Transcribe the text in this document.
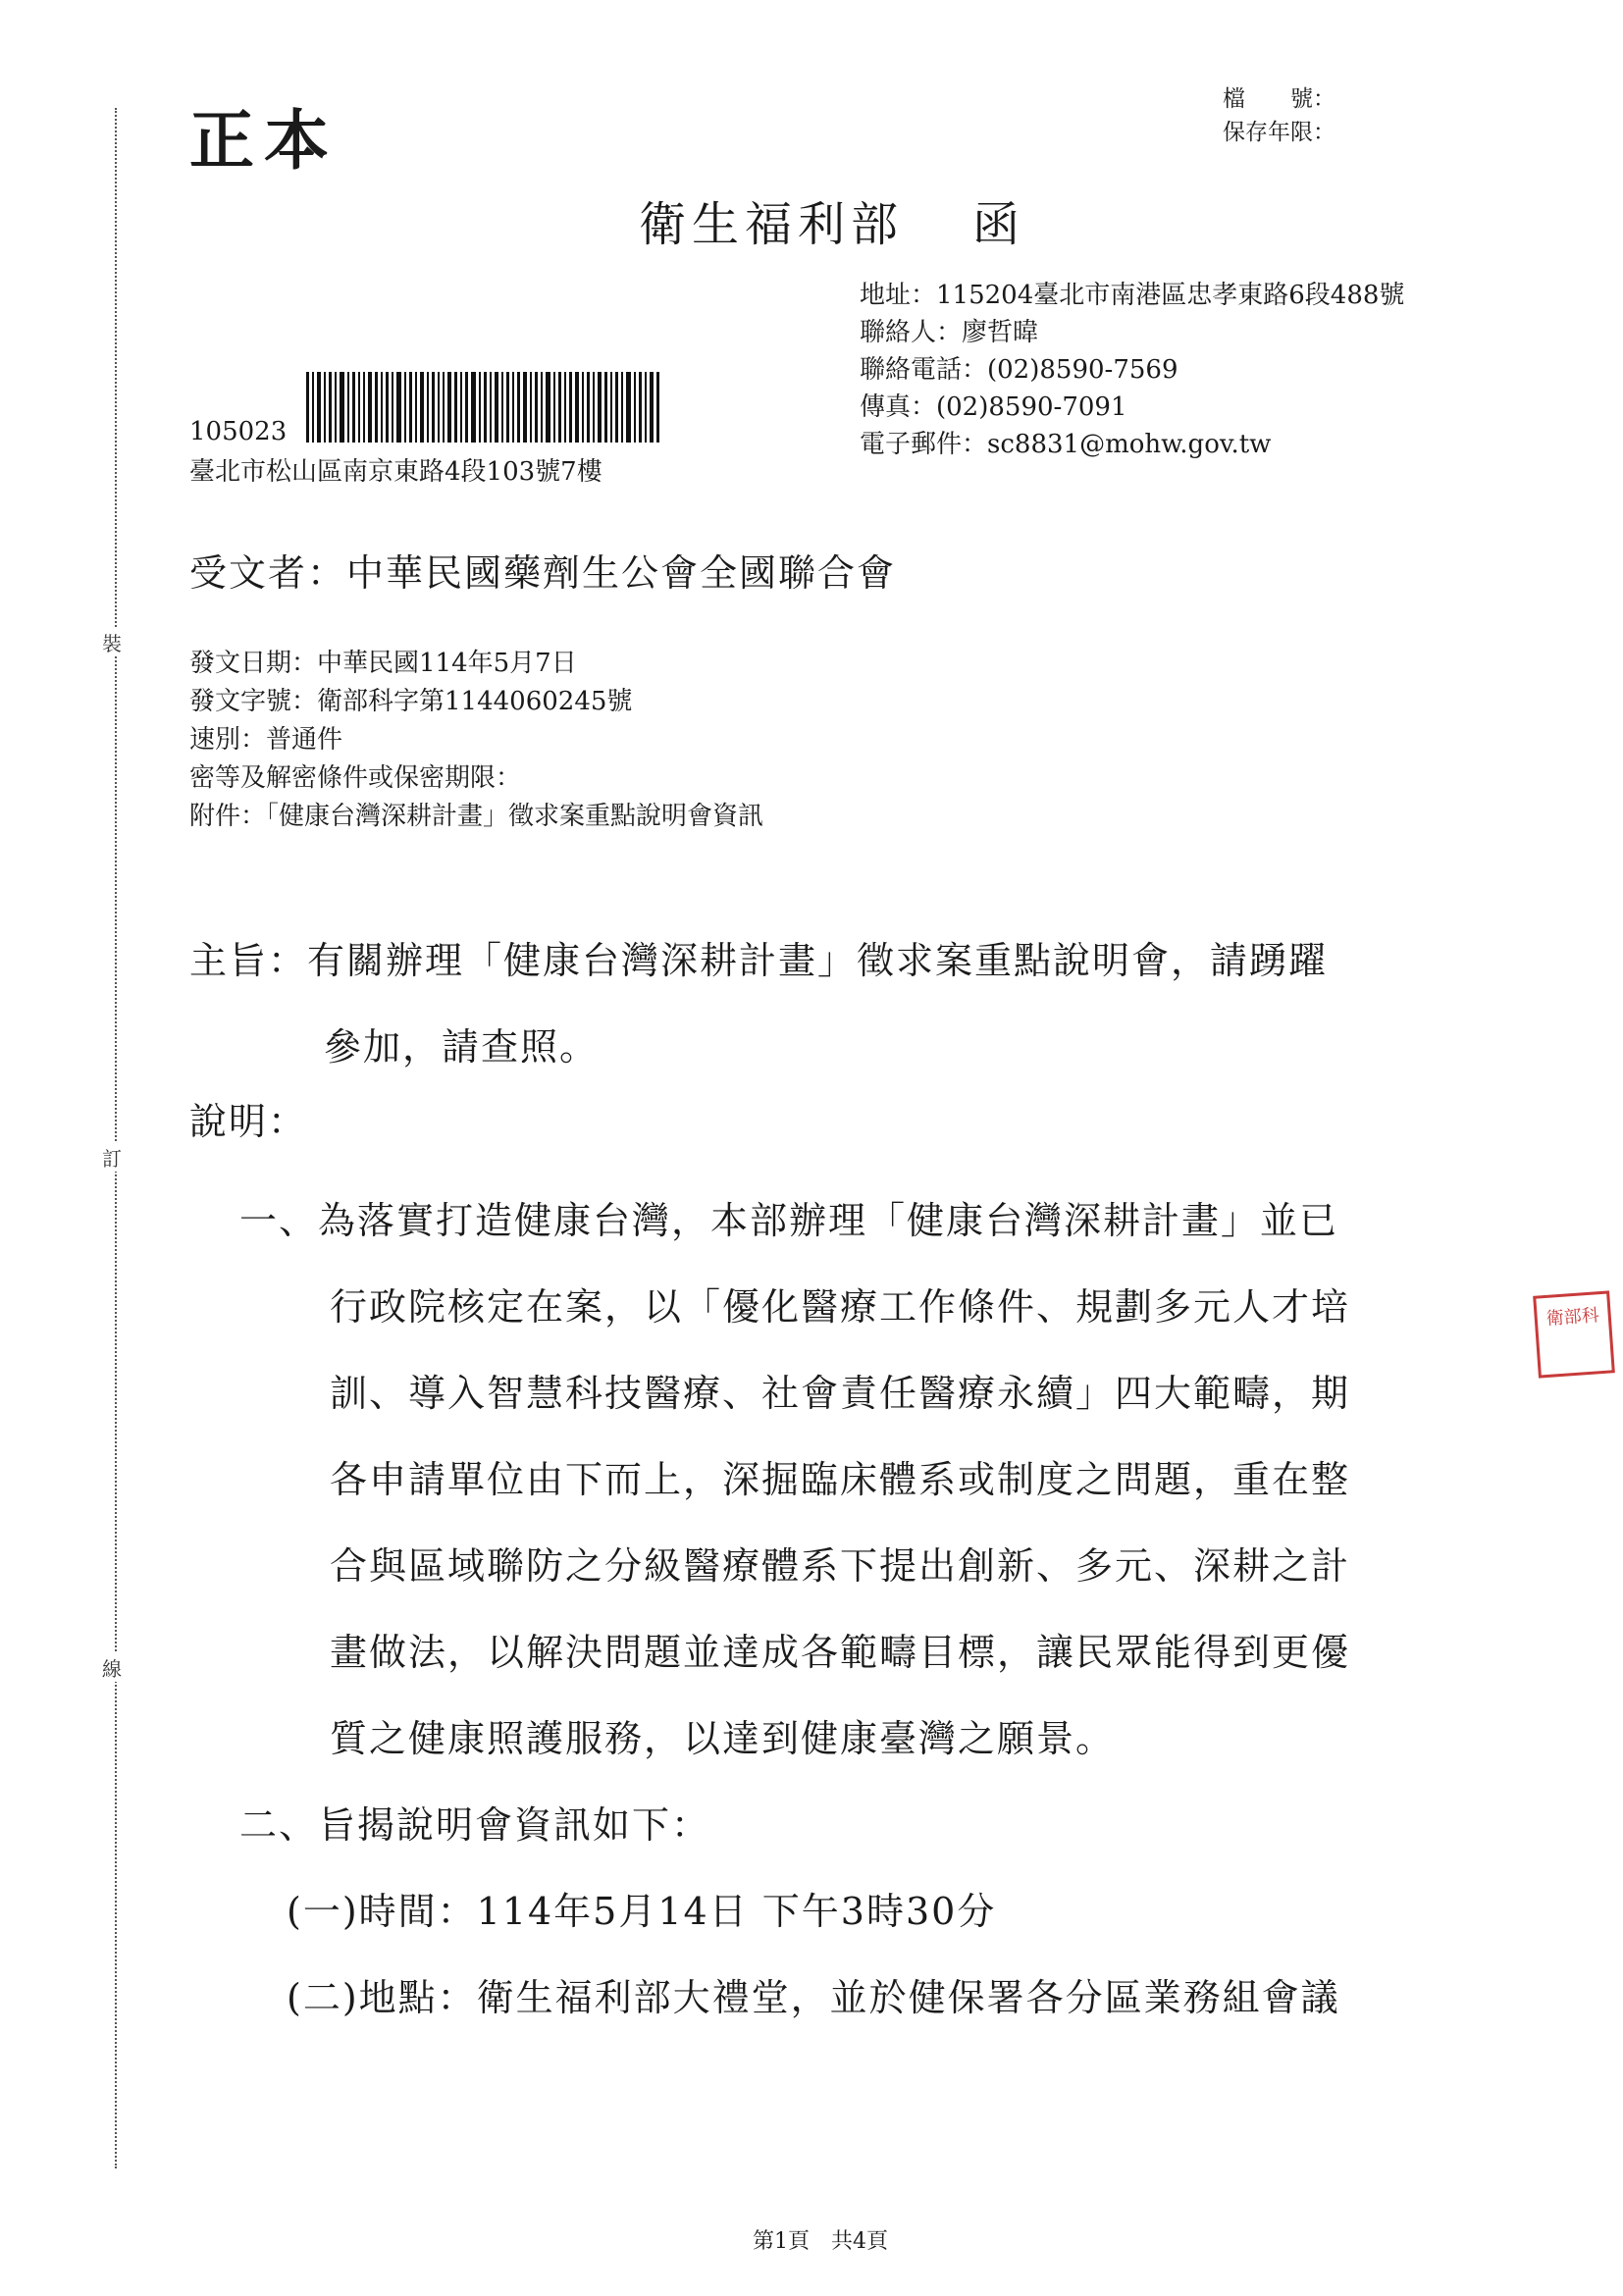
裝
訂
線
正本
檔　　號：
保存年限：
衛生福利部 函
地址：115204臺北市南港區忠孝東路6段488號
聯絡人：廖哲暐
聯絡電話：(02)8590-7569
傳真：(02)8590-7091
電子郵件：sc8831@mohw.gov.tw
105023
臺北市松山區南京東路4段103號7樓
受文者：中華民國藥劑生公會全國聯合會
發文日期：中華民國114年5月7日
發文字號：衛部科字第1144060245號
速別：普通件
密等及解密條件或保密期限：
附件：「健康台灣深耕計畫」徵求案重點說明會資訊
主旨：有關辦理「健康台灣深耕計畫」徵求案重點說明會，請踴躍
參加，請查照。
說明：
一、為落實打造健康台灣，本部辦理「健康台灣深耕計畫」並已
行政院核定在案，以「優化醫療工作條件、規劃多元人才培
訓、導入智慧科技醫療、社會責任醫療永續」四大範疇，期
各申請單位由下而上，深掘臨床體系或制度之問題，重在整
合與區域聯防之分級醫療體系下提出創新、多元、深耕之計
畫做法，以解決問題並達成各範疇目標，讓民眾能得到更優
質之健康照護服務，以達到健康臺灣之願景。
二、旨揭說明會資訊如下：
(一)時間：114年5月14日 下午3時30分
(二)地點：衛生福利部大禮堂，並於健保署各分區業務組會議
衛部科
第1頁　共4頁
